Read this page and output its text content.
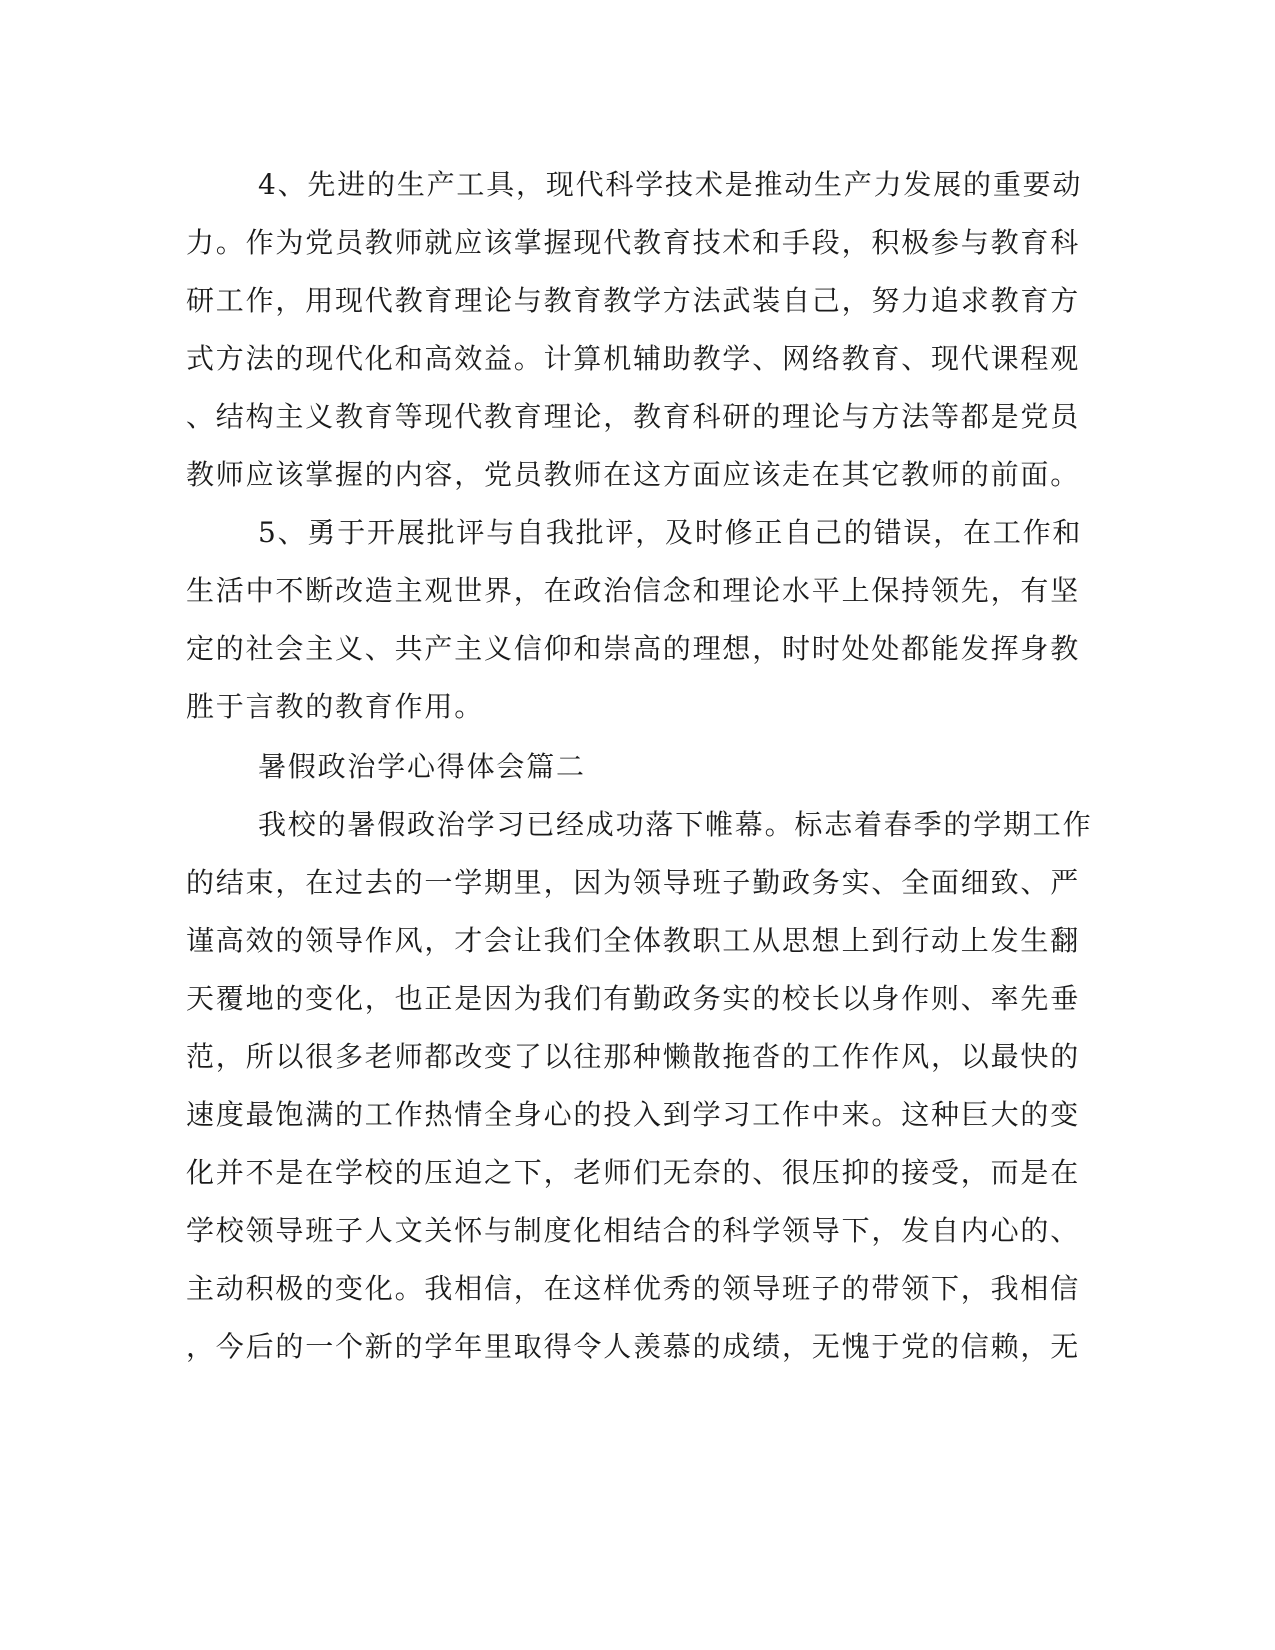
4、先进的生产工具，现代科学技术是推动生产力发展的重要动
力。作为党员教师就应该掌握现代教育技术和手段，积极参与教育科
研工作，用现代教育理论与教育教学方法武装自己，努力追求教育方
式方法的现代化和高效益。计算机辅助教学、网络教育、现代课程观
、结构主义教育等现代教育理论，教育科研的理论与方法等都是党员
教师应该掌握的内容，党员教师在这方面应该走在其它教师的前面。
5、勇于开展批评与自我批评，及时修正自己的错误，在工作和
生活中不断改造主观世界，在政治信念和理论水平上保持领先，有坚
定的社会主义、共产主义信仰和崇高的理想，时时处处都能发挥身教
胜于言教的教育作用。
暑假政治学心得体会篇二
我校的暑假政治学习已经成功落下帷幕。标志着春季的学期工作
的结束，在过去的一学期里，因为领导班子勤政务实、全面细致、严
谨高效的领导作风，才会让我们全体教职工从思想上到行动上发生翻
天覆地的变化，也正是因为我们有勤政务实的校长以身作则、率先垂
范，所以很多老师都改变了以往那种懒散拖沓的工作作风，以最快的
速度最饱满的工作热情全身心的投入到学习工作中来。这种巨大的变
化并不是在学校的压迫之下，老师们无奈的、很压抑的接受，而是在
学校领导班子人文关怀与制度化相结合的科学领导下，发自内心的、
主动积极的变化。我相信，在这样优秀的领导班子的带领下，我相信
，今后的一个新的学年里取得令人羡慕的成绩，无愧于党的信赖，无
